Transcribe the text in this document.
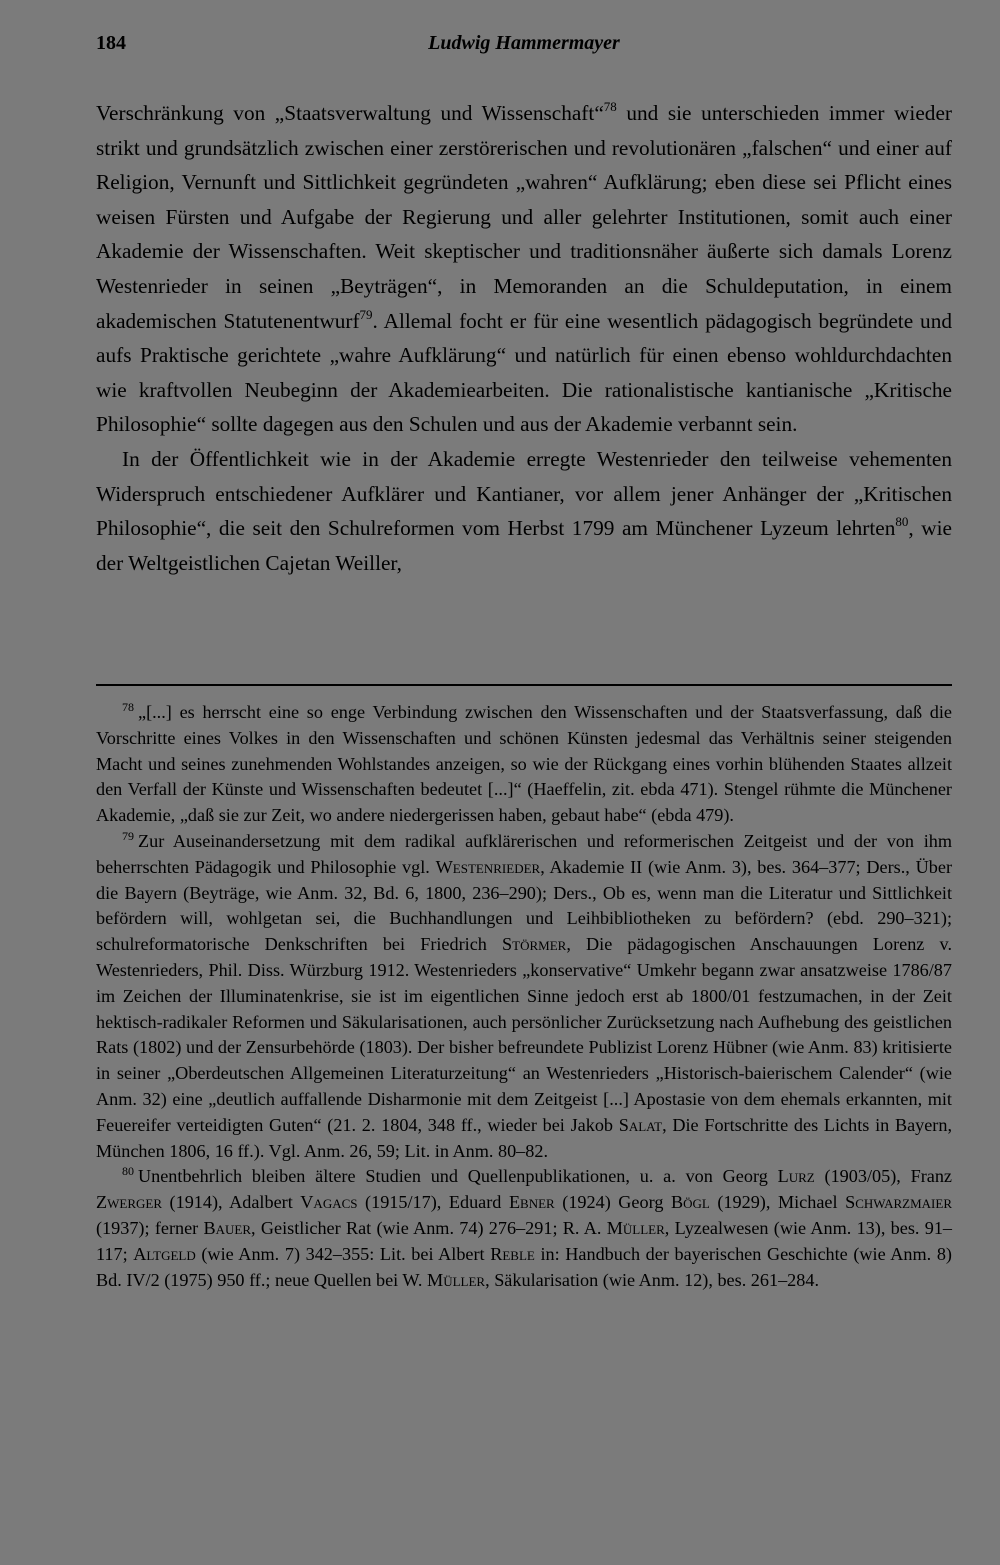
184	Ludwig Hammermayer

Verschränkung von „Staatsverwaltung und Wissenschaft“$^{78}$ und sie unterschieden immer wieder strikt und grundsätzlich zwischen einer zerstörerischen und revolutionären „falschen“ und einer auf Religion, Vernunft und Sittlichkeit gegründeten „wahren“ Aufklärung; eben diese sei Pflicht eines weisen Fürsten und Aufgabe der Regierung und aller gelehrter Institutionen, somit auch einer Akademie der Wissenschaften. Weit skeptischer und traditionsnäher äußerte sich damals Lorenz Westenrieder in seinen „Beyträgen“, in Memoranden an die Schuldeputation, in einem akademischen Statutenentwurf$^{79}$. Allemal focht er für eine wesentlich pädagogisch begründete und aufs Praktische gerichtete „wahre Aufklärung“ und natürlich für einen ebenso wohldurchdachten wie kraftvollen Neubeginn der Akademiearbeiten. Die rationalistische kantianische „Kritische Philosophie“ sollte dagegen aus den Schulen und aus der Akademie verbannt sein.

In der Öffentlichkeit wie in der Akademie erregte Westenrieder den teilweise vehementen Widerspruch entschiedener Aufklärer und Kantianer, vor allem jener Anhänger der „Kritischen Philosophie“, die seit den Schulreformen vom Herbst 1799 am Münchener Lyzeum lehrten$^{80}$, wie der Weltgeistlichen Cajetan Weiller,

$^{78}$ „[...] es herrscht eine so enge Verbindung zwischen den Wissenschaften und der Staatsverfassung, daß die Vorschritte eines Volkes in den Wissenschaften und schönen Künsten jedesmal das Verhältnis seiner steigenden Macht und seines zunehmenden Wohlstandes anzeigen, so wie der Rückgang eines vorhin blühenden Staates allzeit den Verfall der Künste und Wissenschaften bedeutet [...]“ (Haeffelin, zit. ebda 471). Stengel rühmte die Münchener Akademie, „daß sie zur Zeit, wo andere niedergerissen haben, gebaut habe“ (ebda 479).

$^{79}$ Zur Auseinandersetzung mit dem radikal aufklärerischen und reformerischen Zeitgeist und der von ihm beherrschten Pädagogik und Philosophie vgl. Westenrieder, Akademie II (wie Anm. 3), bes. 364–377; Ders., Über die Bayern (Beyträge, wie Anm. 32, Bd. 6, 1800, 236–290); Ders., Ob es, wenn man die Literatur und Sittlichkeit befördern will, wohlgetan sei, die Buchhandlungen und Leihbibliotheken zu befördern? (ebd. 290–321); schulreformatorische Denkschriften bei Friedrich Störmer, Die pädagogischen Anschauungen Lorenz v. Westenrieders, Phil. Diss. Würzburg 1912. Westenrieders „konservative“ Umkehr begann zwar ansatzweise 1786/87 im Zeichen der Illuminatenkrise, sie ist im eigentlichen Sinne jedoch erst ab 1800/01 festzumachen, in der Zeit hektisch-radikaler Reformen und Säkularisationen, auch persönlicher Zurücksetzung nach Aufhebung des geistlichen Rats (1802) und der Zensurbehörde (1803). Der bisher befreundete Publizist Lorenz Hübner (wie Anm. 83) kritisierte in seiner „Oberdeutschen Allgemeinen Literaturzeitung“ an Westenrieders „Historisch-baierischem Calender“ (wie Anm. 32) eine „deutlich auffallende Disharmonie mit dem Zeitgeist [...] Apostasie von dem ehemals erkannten, mit Feuereifer verteidigten Guten“ (21. 2. 1804, 348 ff., wieder bei Jakob Salat, Die Fortschritte des Lichts in Bayern, München 1806, 16 ff.). Vgl. Anm. 26, 59; Lit. in Anm. 80–82.

$^{80}$ Unentbehrlich bleiben ältere Studien und Quellenpublikationen, u. a. von Georg Lurz (1903/05), Franz Zwerger (1914), Adalbert Vagacs (1915/17), Eduard Ebner (1924) Georg Bögl (1929), Michael Schwarzmaier (1937); ferner Bauer, Geistlicher Rat (wie Anm. 74) 276–291; R. A. Müller, Lyzealwesen (wie Anm. 13), bes. 91–117; Altgeld (wie Anm. 7) 342–355: Lit. bei Albert Reble in: Handbuch der bayerischen Geschichte (wie Anm. 8) Bd. IV/2 (1975) 950 ff.; neue Quellen bei W. Müller, Säkularisation (wie Anm. 12), bes. 261–284.
